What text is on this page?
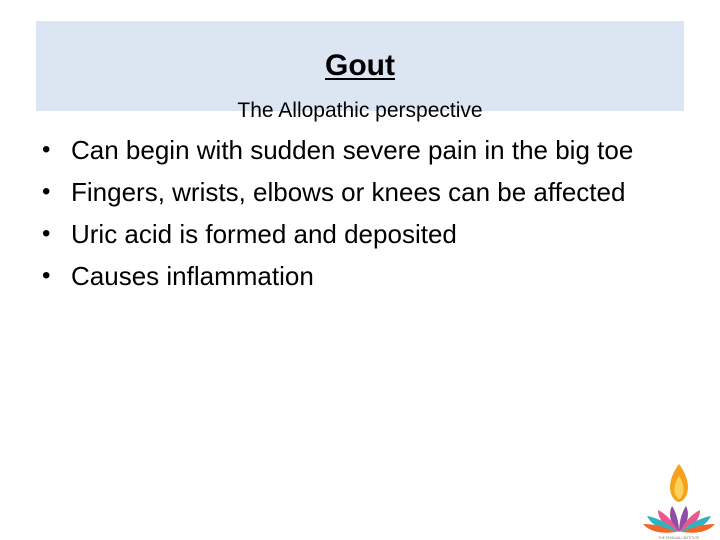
Gout
The Allopathic perspective
• Can begin with sudden severe pain in the big toe
• Fingers, wrists, elbows or knees can be affected
• Uric acid is formed and deposited
• Causes inflammation
THE PATANJALI INSTITUTE
